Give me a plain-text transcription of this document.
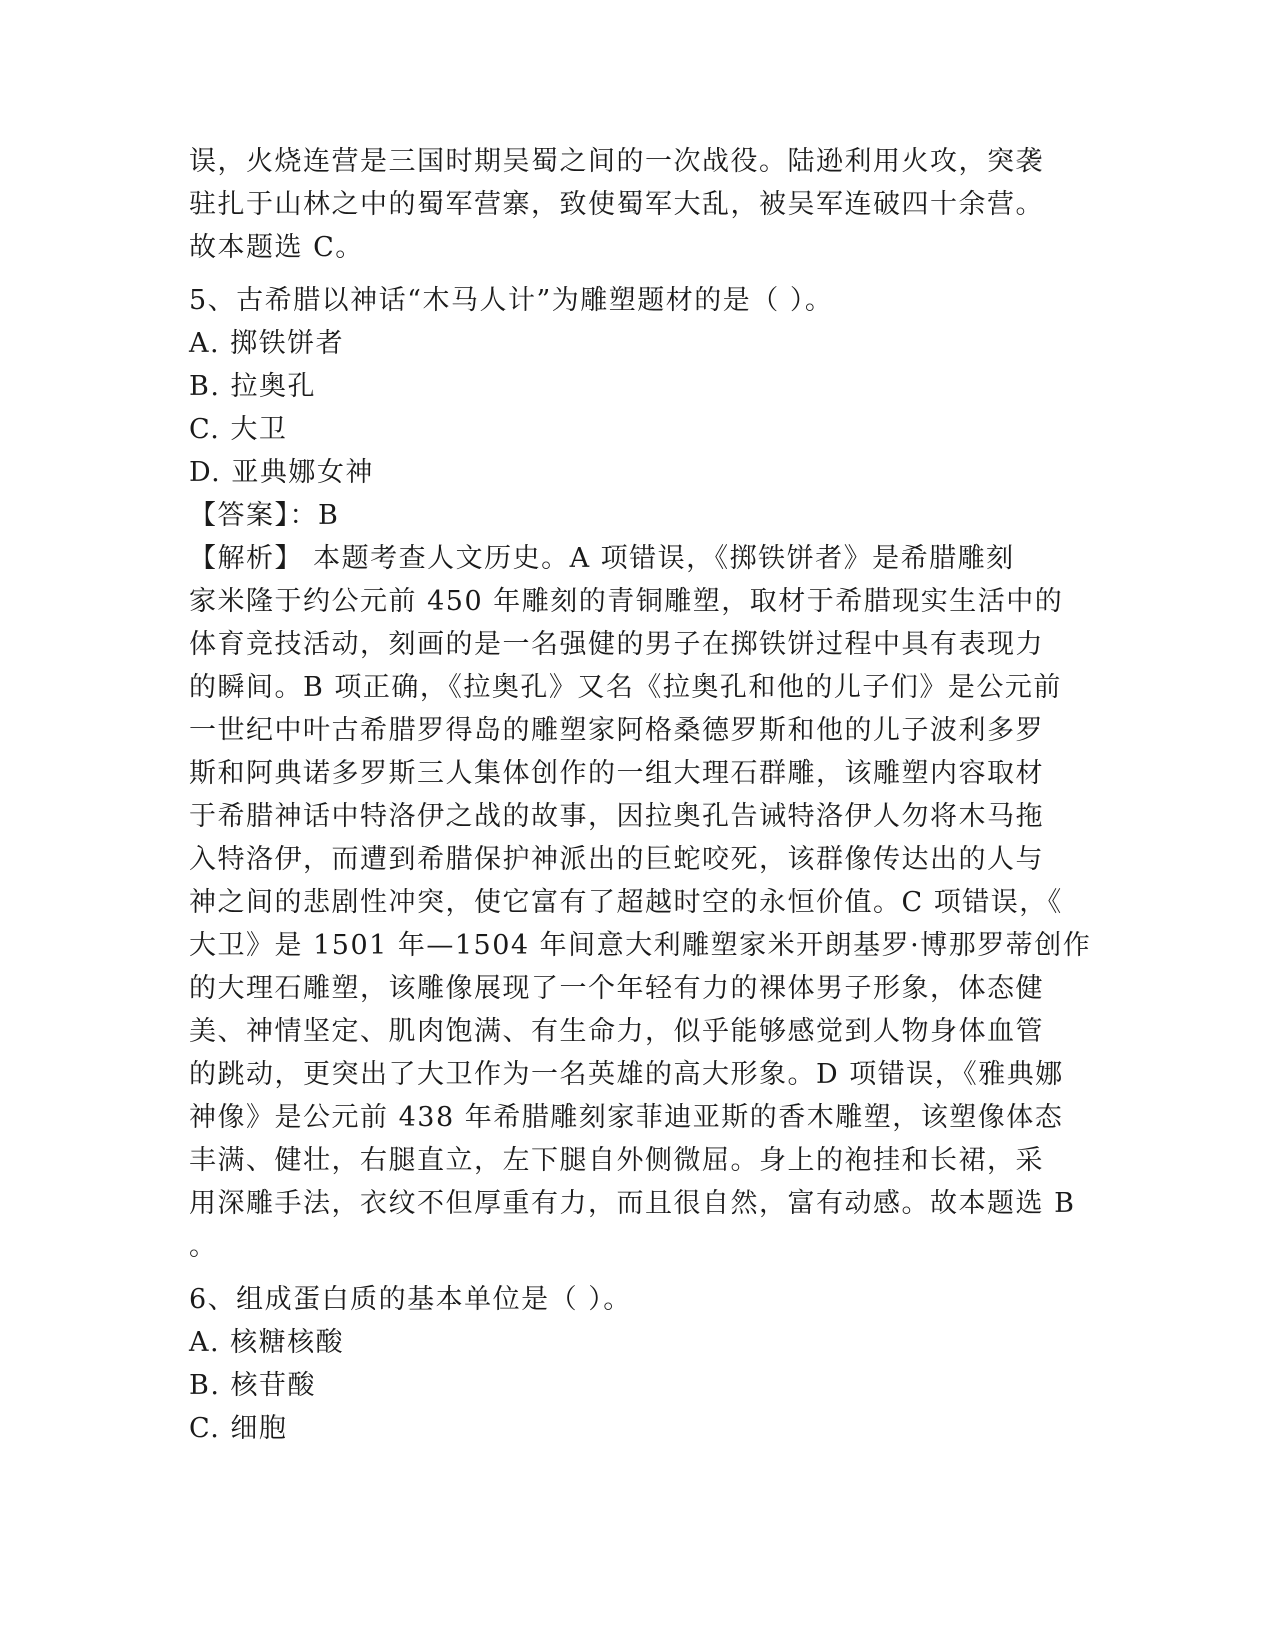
误，火烧连营是三国时期吴蜀之间的一次战役。陆逊利用火攻，突袭
驻扎于山林之中的蜀军营寨，致使蜀军大乱，被吴军连破四十余营。
故本题选 C。
5、古希腊以神话“木马人计”为雕塑题材的是（ ）。
A. 掷铁饼者
B. 拉奥孔
C. 大卫
D. 亚典娜女神
【答案】：B
【解析】 本题考查人文历史。A 项错误，《掷铁饼者》是希腊雕刻
家米隆于约公元前 450 年雕刻的青铜雕塑，取材于希腊现实生活中的
体育竞技活动，刻画的是一名强健的男子在掷铁饼过程中具有表现力
的瞬间。B 项正确，《拉奥孔》又名《拉奥孔和他的儿子们》是公元前
一世纪中叶古希腊罗得岛的雕塑家阿格桑德罗斯和他的儿子波利多罗
斯和阿典诺多罗斯三人集体创作的一组大理石群雕，该雕塑内容取材
于希腊神话中特洛伊之战的故事，因拉奥孔告诫特洛伊人勿将木马拖
入特洛伊，而遭到希腊保护神派出的巨蛇咬死，该群像传达出的人与
神之间的悲剧性冲突，使它富有了超越时空的永恒价值。C 项错误，《
大卫》是 1501 年—1504 年间意大利雕塑家米开朗基罗·博那罗蒂创作
的大理石雕塑，该雕像展现了一个年轻有力的裸体男子形象，体态健
美、神情坚定、肌肉饱满、有生命力，似乎能够感觉到人物身体血管
的跳动，更突出了大卫作为一名英雄的高大形象。D 项错误，《雅典娜
神像》是公元前 438 年希腊雕刻家菲迪亚斯的香木雕塑，该塑像体态
丰满、健壮，右腿直立，左下腿自外侧微屈。身上的袍挂和长裙，采
用深雕手法，衣纹不但厚重有力，而且很自然，富有动感。故本题选 B
。
6、组成蛋白质的基本单位是（ ）。
A. 核糖核酸
B. 核苷酸
C. 细胞
